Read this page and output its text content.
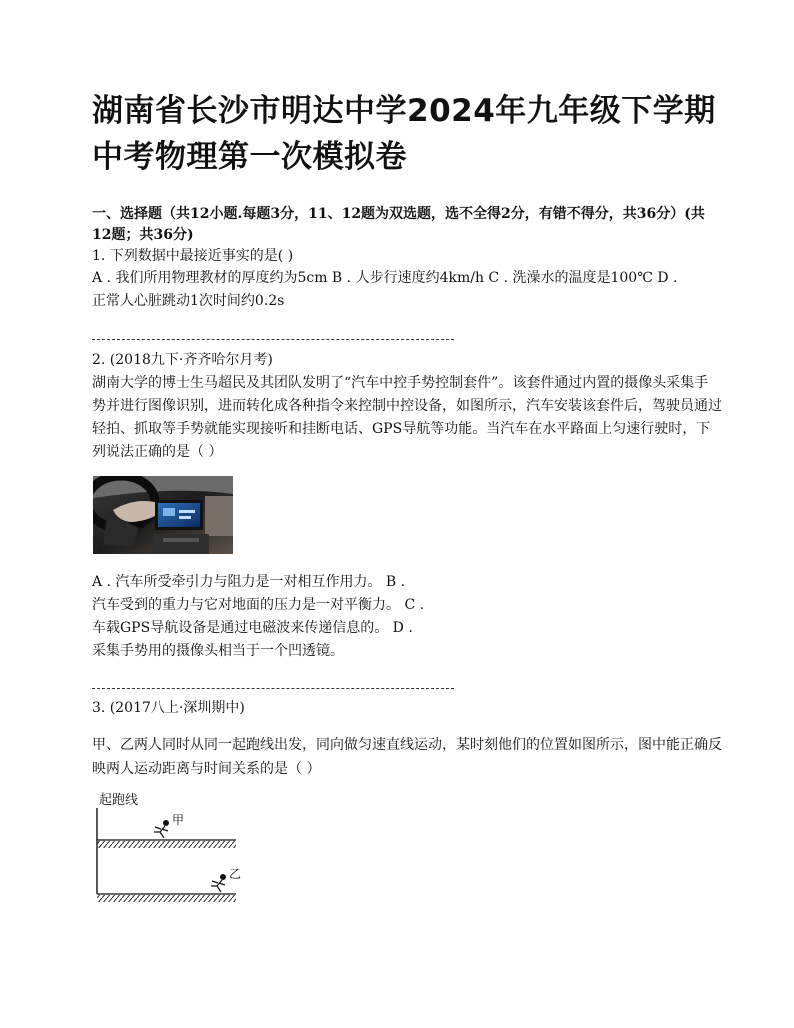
湖南省长沙市明达中学2024年九年级下学期中考物理第一次模拟卷
一、选择题（共12小题.每题3分，11、12题为双选题，选不全得2分，有错不得分，共36分）(共12题；共36分)
1. 下列数据中最接近事实的是( )
A . 我们所用物理教材的厚度约为5cm B . 人步行速度约4km/h C . 洗澡水的温度是100℃ D .
正常人心脏跳动1次时间约0.2s
2. (2018九下·齐齐哈尔月考)
湖南大学的博士生马超民及其团队发明了“汽车中控手势控制套件”。该套件通过内置的摄像头采集手势并进行图像识别，进而转化成各种指令来控制中控设备，如图所示，汽车安装该套件后，驾驶员通过轻拍、抓取等手势就能实现接听和挂断电话、GPS导航等功能。当汽车在水平路面上匀速行驶时，下列说法正确的是（ ）
A . 汽车所受牵引力与阻力是一对相互作用力。 B .
汽车受到的重力与它对地面的压力是一对平衡力。 C .
车载GPS导航设备是通过电磁波来传递信息的。 D .
采集手势用的摄像头相当于一个凹透镜。
3. (2017八上·深圳期中)
甲、乙两人同时从同一起跑线出发，同向做匀速直线运动，某时刻他们的位置如图所示，图中能正确反映两人运动距离与时间关系的是（ ）
起跑线
甲
乙
